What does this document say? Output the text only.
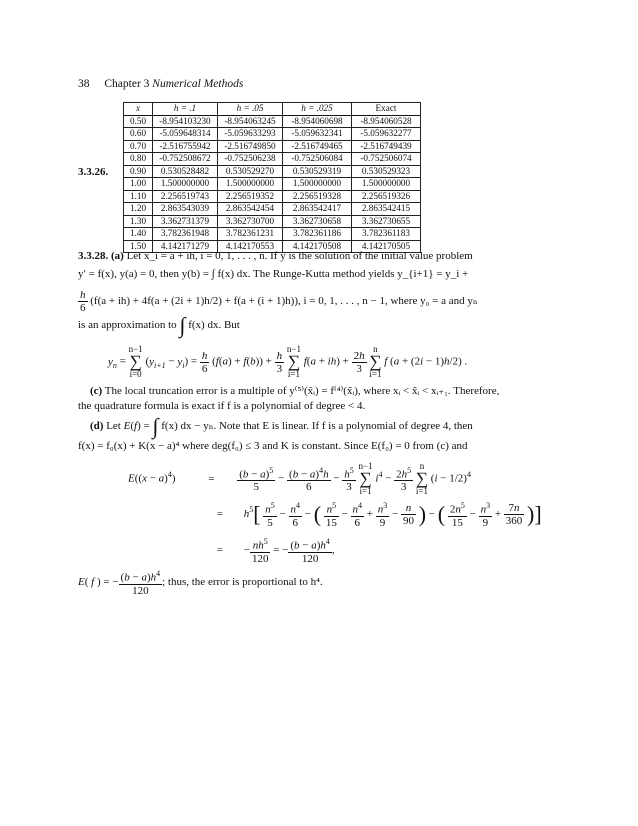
38 Chapter 3 Numerical Methods
3.3.26.
x	h = .1	h = .05	h = .025	Exact
0.50	-8.954103230	-8.954063245	-8.954060698	-8.954060528
0.60	-5.059648314	-5.059633293	-5.059632341	-5.059632277
0.70	-2.516755942	-2.516749850	-2.516749465	-2.516749439
0.80	-0.752508672	-0.752506238	-0.752506084	-0.752506074
0.90	0.530528482	0.530529270	0.530529319	0.530529323
1.00	1.500000000	1.500000000	1.500000000	1.500000000
1.10	2.256519743	2.256519352	2.256519328	2.256519326
1.20	2.863543039	2.863542454	2.863542417	2.863542415
1.30	3.362731379	3.362730700	3.362730658	3.362730655
1.40	3.782361948	3.782361231	3.782361186	3.782361183
1.50	4.142171279	4.142170553	4.142170508	4.142170505
3.3.28. (a) Let x_i = a + ih, i = 0, 1, . . . , n. If y is the solution of the initial value problem
y′ = f(x), y(a) = 0, then y(b) = ∫ f(x) dx. The Runge-Kutta method yields y_{i+1} = y_i +
$\frac{h}{6} (f(a + ih) + 4f(a + (2i + 1)h/2) + f(a + (i + 1)h))$, i = 0, 1, . . . , n − 1, where y₀ = a and yₙ
is an approximation to ∫ f(x) dx. But
$y_n = n-1$
∑
i=0 $(y_{i+1} - y_i) = \frac{h}{6} (f(a) + f(b)) + \frac{h}{3}$
n−1
∑
i=1 $f(a + ih) + \frac{2h}{3}$
n
∑
i=1 f (a + (2i − 1)h/2) .
(c) The local truncation error is a multiple of y⁽⁵⁾(x̃ᵢ) = f⁽⁴⁾(x̃ᵢ), where xᵢ < x̃ᵢ < xᵢ₊₁. Therefore,
the quadrature formula is exact if f is a polynomial of degree < 4.
(d) Let E(f) = ∫ f(x) dx − yₙ. Note that E is linear. If f is a polynomial of degree 4, then
f(x) = f₀(x) + K(x − a)⁴ where deg(f₀) ≤ 3 and K is constant. Since E(f₀) = 0 from (c) and
$E((x - a)^4)$	= $\frac{(b - a)^5}{5} - \frac{(b - a)^4h}{6} - \frac{h^5}{3} n-1$
∑
i=1 $i^4 - \frac{2h^5}{3}$ n
∑
i=1 $(i - 1/2)^4$
= $h^5[ \frac{n^5}{5} - \frac{n^4}{6}$ − ( $\frac{n^5}{15} - \frac{n^4}{6} + \frac{n^3}{9} - \frac{n}{90}$ ) − ( $\frac{2n^5}{15} - \frac{n^3}{9} + \frac{7n}{360}$ )]
= − $\frac{nh^5}{120}$ = − $\frac{(b - a)h^4}{120}$ ,
E( f ) = − $\frac{(b - a)h^4}{120}$ ; thus, the error is proportional to h⁴.
